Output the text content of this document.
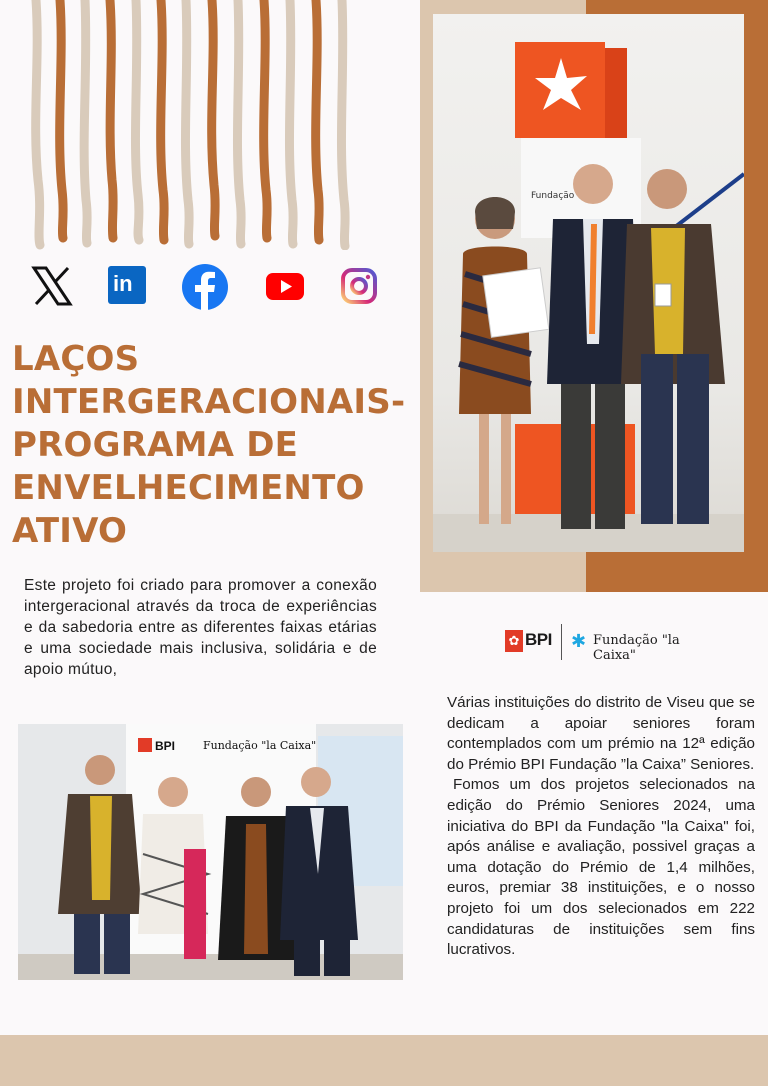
in
LAÇOS
INTERGERACIONAIS-
PROGRAMA DE
ENVELHECIMENTO
ATIVO

Este projeto foi criado para promover a conexão intergeracional através da troca de experiências e da sabedoria entre as diferentes faixas etárias e uma sociedade mais inclusiva, solidária e de apoio mútuo,

Fundação
✿ BPI ✱ Fundação "la Caixa"

Várias instituições do distrito de Viseu que se dedicam a apoiar seniores foram contemplados com um prémio na 12ª edição do Prémio BPI Fundação ”la Caixa” Seniores.

Fomos um dos projetos selecionados na edição do Prémio Seniores 2024, uma iniciativa do BPI da Fundação "la Caixa" foi, após análise e avaliação, possivel graças a uma dotação do Prémio de 1,4 milhões, euros, premiar 38 instituições, e o nosso projeto foi um dos selecionados em 222 candidaturas de instituições sem fins lucrativos.

BPI	Fundação "la Caixa"
